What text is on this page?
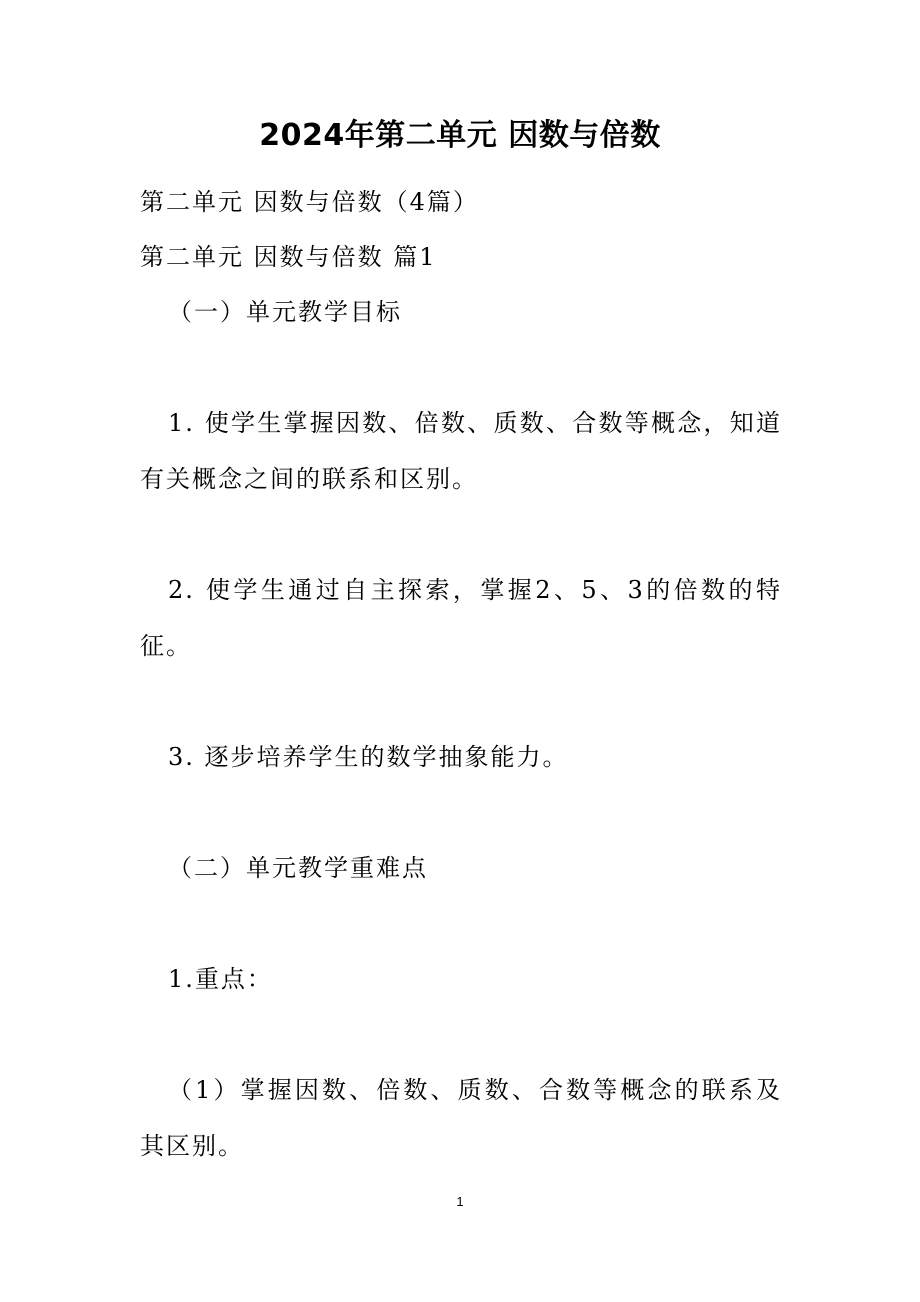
2024年第二单元 因数与倍数
第二单元 因数与倍数（4篇）
第二单元 因数与倍数 篇1
（一）单元教学目标
1. 使学生掌握因数、倍数、质数、合数等概念，知道有关概念之间的联系和区别。
2. 使学生通过自主探索，掌握2、5、3的倍数的特征。
3. 逐步培养学生的数学抽象能力。
（二）单元教学重难点
1.重点：
（1）掌握因数、倍数、质数、合数等概念的联系及其区别。
1
